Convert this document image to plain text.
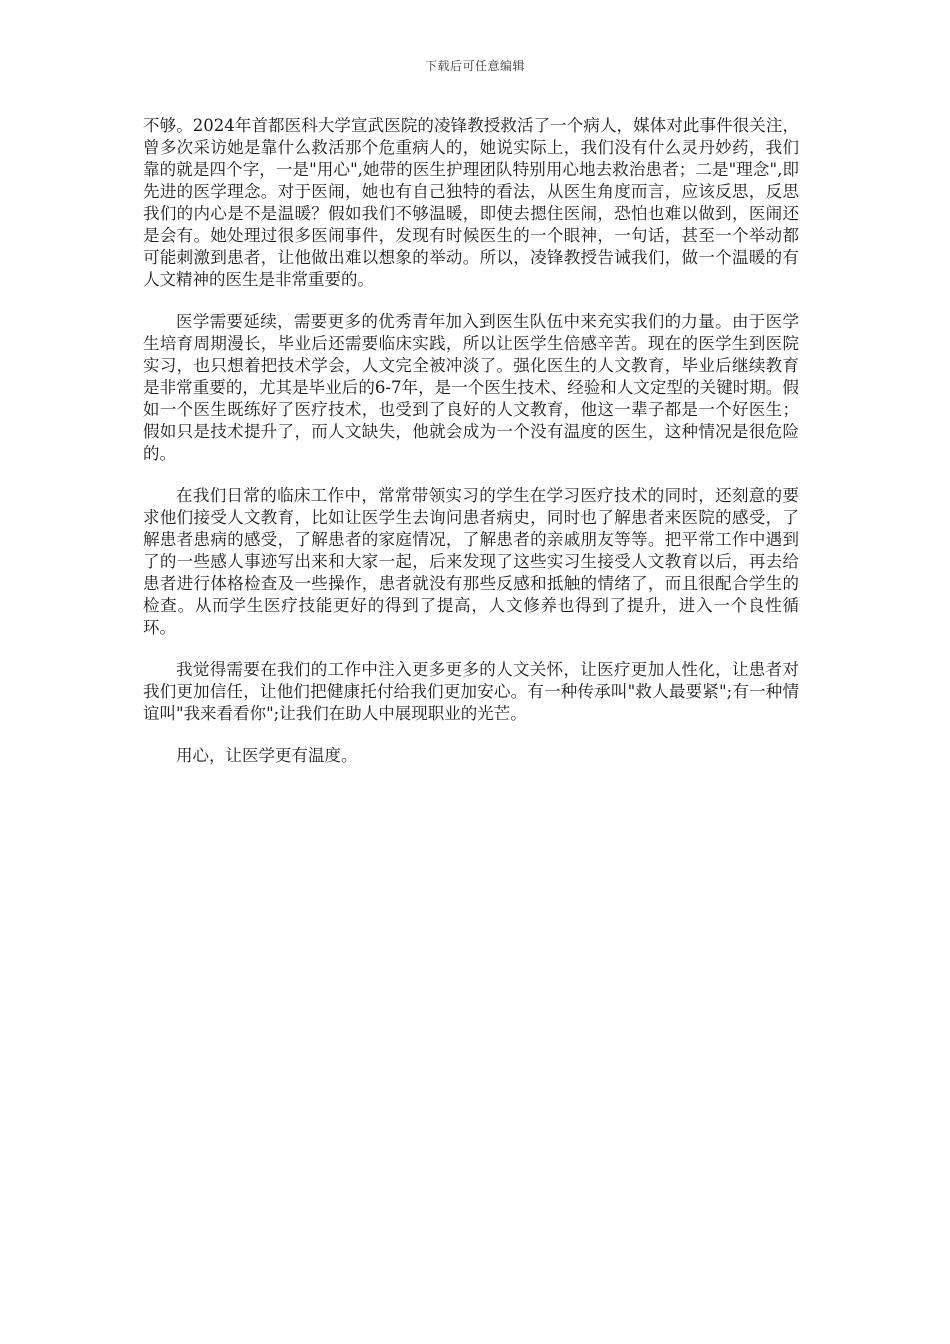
下载后可任意编辑

不够。2024年首都医科大学宣武医院的凌锋教授救活了一个病人，媒体对此事件很关注，曾多次采访她是靠什么救活那个危重病人的，她说实际上，我们没有什么灵丹妙药，我们靠的就是四个字，一是"用心",她带的医生护理团队特别用心地去救治患者；二是"理念",即先进的医学理念。对于医闹，她也有自己独特的看法，从医生角度而言，应该反思，反思我们的内心是不是温暖？假如我们不够温暖，即使去摁住医闹，恐怕也难以做到，医闹还是会有。她处理过很多医闹事件，发现有时候医生的一个眼神，一句话，甚至一个举动都可能刺激到患者，让他做出难以想象的举动。所以，凌锋教授告诫我们，做一个温暖的有人文精神的医生是非常重要的。

医学需要延续，需要更多的优秀青年加入到医生队伍中来充实我们的力量。由于医学生培育周期漫长，毕业后还需要临床实践，所以让医学生倍感辛苦。现在的医学生到医院实习，也只想着把技术学会，人文完全被冲淡了。强化医生的人文教育，毕业后继续教育是非常重要的，尤其是毕业后的6-7年，是一个医生技术、经验和人文定型的关键时期。假如一个医生既练好了医疗技术，也受到了良好的人文教育，他这一辈子都是一个好医生；假如只是技术提升了，而人文缺失，他就会成为一个没有温度的医生，这种情况是很危险的。

在我们日常的临床工作中，常常带领实习的学生在学习医疗技术的同时，还刻意的要求他们接受人文教育，比如让医学生去询问患者病史，同时也了解患者来医院的感受，了解患者患病的感受，了解患者的家庭情况，了解患者的亲戚朋友等等。把平常工作中遇到了的一些感人事迹写出来和大家一起，后来发现了这些实习生接受人文教育以后，再去给患者进行体格检查及一些操作，患者就没有那些反感和抵触的情绪了，而且很配合学生的检查。从而学生医疗技能更好的得到了提高，人文修养也得到了提升，进入一个良性循环。

我觉得需要在我们的工作中注入更多更多的人文关怀，让医疗更加人性化，让患者对我们更加信任，让他们把健康托付给我们更加安心。有一种传承叫"救人最要紧";有一种情谊叫"我来看看你";让我们在助人中展现职业的光芒。

用心，让医学更有温度。
